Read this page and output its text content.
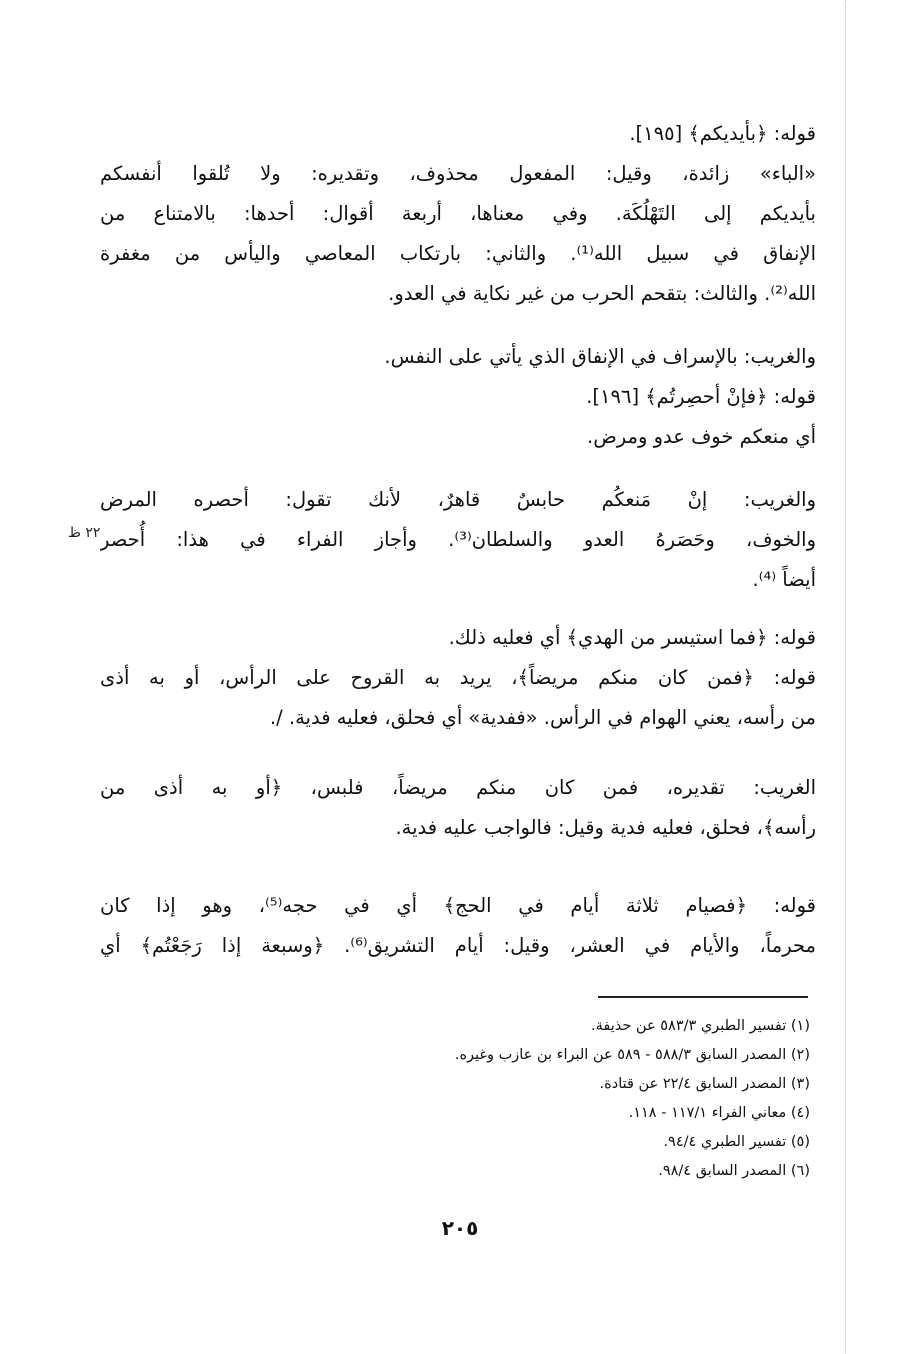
قوله: ﴿بأيديكم﴾ [١٩٥].
«الباء» زائدة، وقيل: المفعول محذوف، وتقديره: ولا تُلقوا أنفسكم
بأيديكم إلى التَهْلُكَة. وفي معناها، أربعة أقوال: أحدها: بالامتناع من
الإنفاق في سبيل الله⁽¹⁾. والثاني: بارتكاب المعاصي واليأس من مغفرة
الله⁽²⁾. والثالث: بتقحم الحرب من غير نكاية في العدو.
والغريب: بالإسراف في الإنفاق الذي يأتي على النفس.
قوله: ﴿فإنْ أحصِرتُم﴾ [١٩٦].
أي منعكم خوف عدو ومرض.
والغريب: إنْ مَنعكُم حابسٌ قاهرٌ، لأنك تقول: أحصره المرض
والخوف، وحَصَرهُ العدو والسلطان⁽³⁾. وأجاز الفراء في هذا: أُحصر
أيضاً ⁽⁴⁾.
٢٢ ظ
قوله: ﴿فما استيسر من الهدي﴾ أي فعليه ذلك.
قوله: ﴿فمن كان منكم مريضاً﴾، يريد به القروح على الرأس، أو به أذى
من رأسه، يعني الهوام في الرأس. «ففدية» أي فحلق، فعليه فدية. /.
الغريب: تقديره، فمن كان منكم مريضاً، فلبس، ﴿أو به أذى من
رأسه﴾، فحلق، فعليه فدية وقيل: فالواجب عليه فدية.
قوله: ﴿فصيام ثلاثة أيام في الحج﴾ أي في حجه⁽⁵⁾، وهو إذا كان
محرماً، والأيام في العشر، وقيل: أيام التشريق⁽⁶⁾. ﴿وسبعة إذا رَجَعْتُم﴾ أي
(١) تفسير الطبري ٥٨٣/٣ عن حذيفة.
(٢) المصدر السابق ٥٨٨/٣ - ٥٨٩ عن البراء بن عازب وغيره.
(٣) المصدر السابق ٢٢/٤ عن قتادة.
(٤) معاني الفراء ١١٧/١ - ١١٨.
(٥) تفسير الطبري ٩٤/٤.
(٦) المصدر السابق ٩٨/٤.
٢٠٥
